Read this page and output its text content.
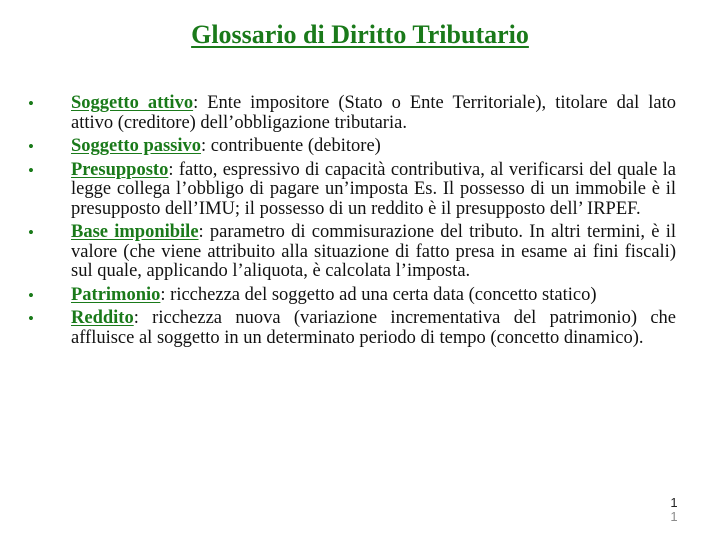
Glossario di Diritto Tributario
• Soggetto attivo: Ente impositore (Stato o Ente Territoriale), titolare dal lato attivo (creditore) dell’obbligazione tributaria.
• Soggetto passivo: contribuente (debitore)
• Presupposto: fatto, espressivo di capacità contributiva, al verificarsi del quale la legge collega l’obbligo di pagare un’imposta Es. Il possesso di un immobile è il presupposto dell’IMU; il possesso di un reddito è il presupposto dell’ IRPEF.
• Base imponibile: parametro di commisurazione del tributo. In altri termini, è il valore (che viene attribuito alla situazione di fatto presa in esame ai fini fiscali) sul quale, applicando l’aliquota, è calcolata l’imposta.
• Patrimonio: ricchezza del soggetto ad una certa data (concetto statico)
• Reddito: ricchezza nuova (variazione incrementativa del patrimonio) che affluisce al soggetto in un determinato periodo di tempo (concetto dinamico).
1
1
